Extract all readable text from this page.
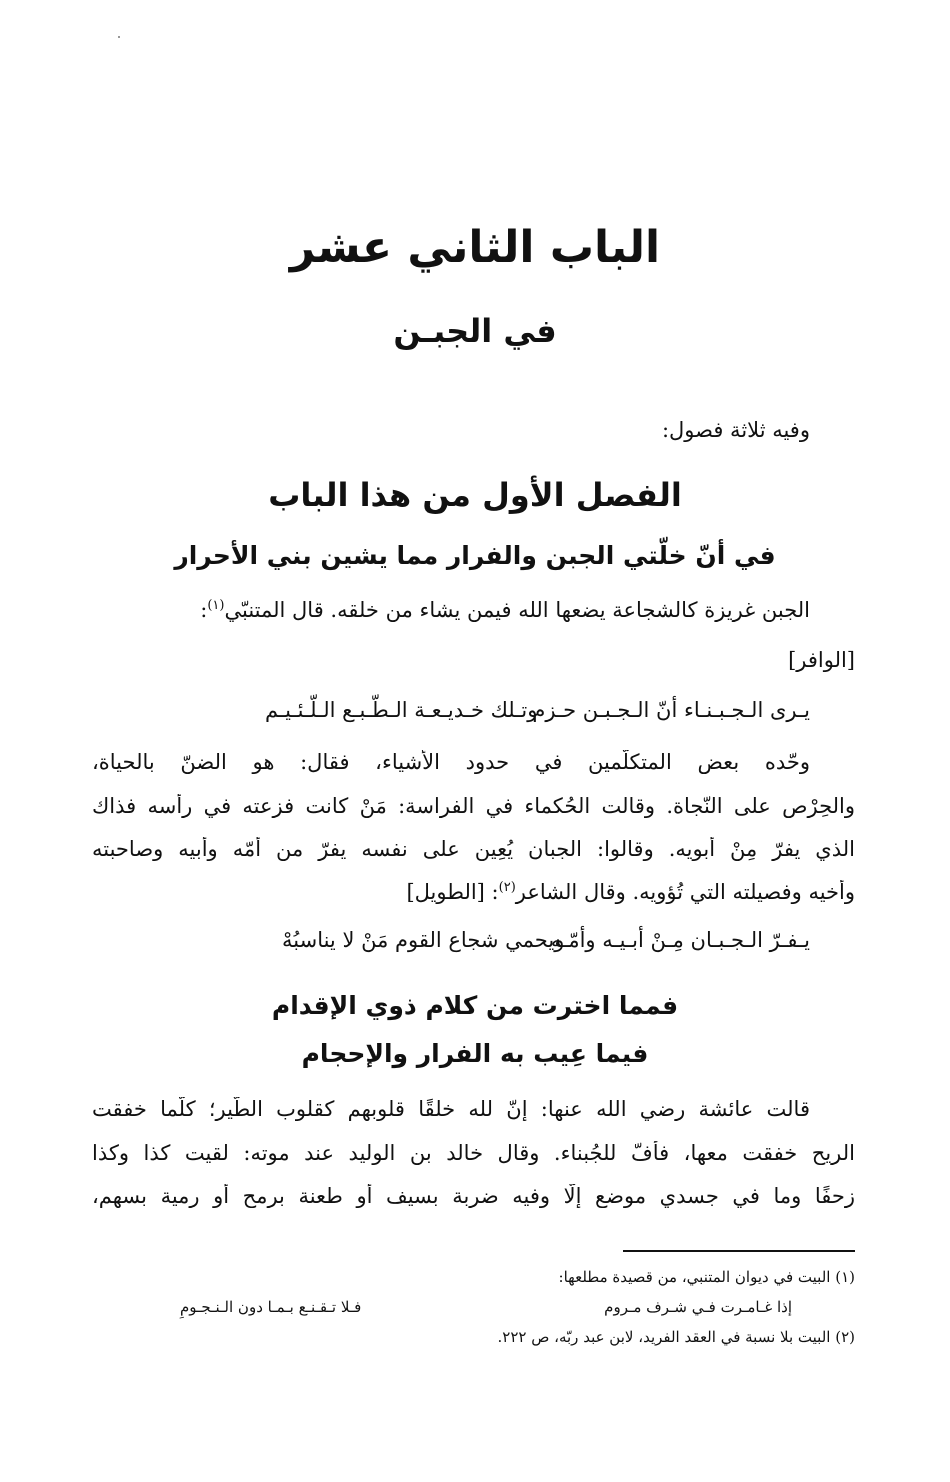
الباب الثاني عشر
في الجبـن

وفيه ثلاثة فصول:

الفصل الأول من هذا الباب
في أنّ خلّتي الجبن والفرار مما يشين بني الأحرار

الجبن غريزة كالشجاعة يضعها الله فيمن يشاء من خلقه. قال المتنبّي$^{(١)}$:

[الوافر]

يـرى الـجـبـنـاء أنّ الـجـبـن حـزم
وتـلك خـديـعـة الـطّـبـع الـلّـئـيـم

وحّده بعض المتكلّمين في حدود الأشياء، فقال: هو الضنّ بالحياة،

والحِرْص على النّجاة. وقالت الحُكماء في الفراسة: مَنْ كانت فزعته في رأسه فذاك

الذي يفرّ مِنْ أبويه. وقالوا: الجبان يُعِين على نفسه يفرّ من أمّه وأبيه وصاحبته

وأخيه وفصيلته التي تُؤويه. وقال الشاعر$^{(٢)}$: [الطويل]

يـفـرّ الـجـبـان مِـنْ أبـيـه وأمّـه
ويحمي شجاع القوم مَنْ لا يناسبُهْ
فمما اخترت من كلام ذوي الإقدام
فيما عِيب به الفرار والإحجام

قالت عائشة رضي الله عنها: إنّ لله خلقًا قلوبهم كقلوب الطّير؛ كلّما خفقت

الريح خفقت معها، فأُفّ للجُبناء. وقال خالد بن الوليد عند موته: لقيت كذا وكذا

زحفًا وما في جسدي موضع إلّا وفيه ضربة بسيف أو طعنة برمح أو رمية بسهم،

(١) البيت في ديوان المتنبي، من قصيدة مطلعها:
إذا غـامـرت فـي شـرف مـروم
فـلا تـقـنـع بـمـا دون الـنـجـومِ
(٢) البيت بلا نسبة في العقد الفريد، لابن عبد ربّه، ص ٢٢٢.
